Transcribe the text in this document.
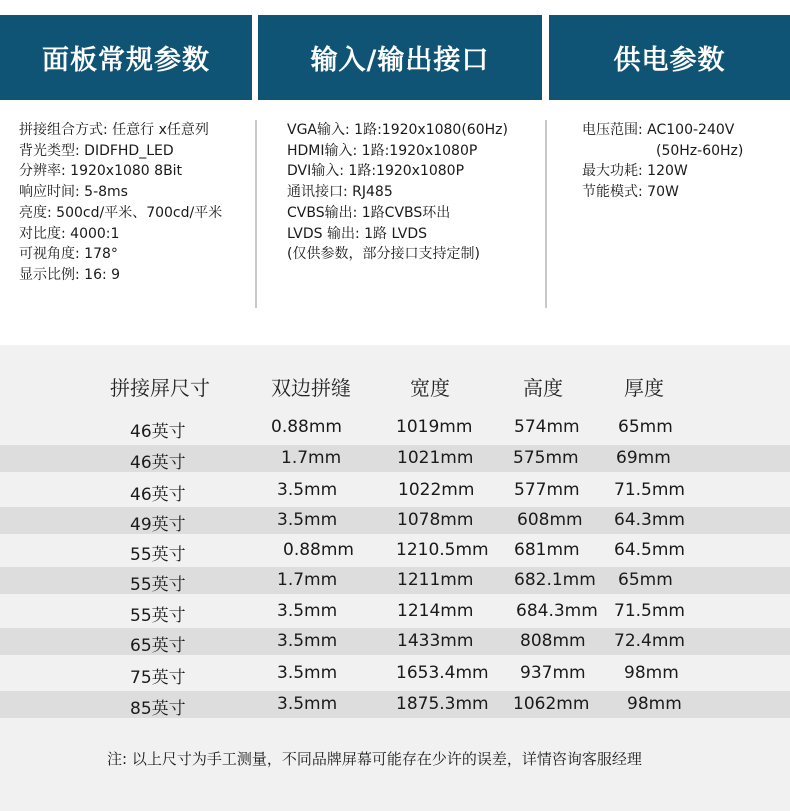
面板常规参数	输入/输出接口	供电参数
拼接组合方式: 任意行 x任意列
背光类型: DIDFHD_LED
分辨率: 1920x1080 8Bit
响应时间: 5-8ms
亮度: 500cd/平米、700cd/平米
对比度: 4000:1
可视角度: 178°
显示比例: 16: 9
VGA输入: 1路:1920x1080(60Hz)
HDMI输入: 1路:1920x1080P
DVI输入: 1路:1920x1080P
通讯接口: RJ485
CVBS输出: 1路CVBS环出
LVDS 输出: 1路 LVDS
(仅供参数，部分接口支持定制)
电压范围: AC100-240V
(50Hz-60Hz)
最大功耗: 120W
节能模式: 70W
拼接屏尺寸	双边拼缝	宽度	高度	厚度
46英寸	0.88mm	1019mm 574mm 65mm
46英寸	1.7mm	1021mm 575mm 69mm
46英寸	3.5mm	1022mm 577mm 71.5mm
49英寸	3.5mm	1078mm	608mm 64.3mm
55英寸	0.88mm 1210.5mm 681mm 64.5mm
55英寸	1.7mm	1211mm 682.1mm 65mm
55英寸	3.5mm	1214mm	684.3mm 71.5mm
65英寸	3.5mm	1433mm	808mm 72.4mm
75英寸	3.5mm	1653.4mm 937mm 98mm
85英寸	3.5mm	1875.3mm 1062mm 98mm
注: 以上尺寸为手工测量，不同品牌屏幕可能存在少许的误差，详情咨询客服经理
